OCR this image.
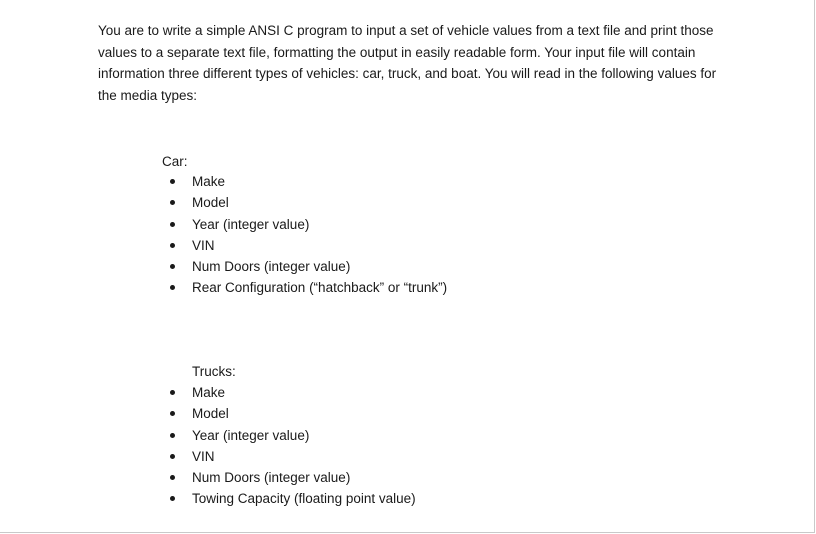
You are to write a simple ANSI C program to input a set of vehicle values from a text file and print those values to a separate text file, formatting the output in easily readable form. Your input file will contain information three different types of vehicles: car, truck, and boat. You will read in the following values for the media types:

Car:

Make
Model
Year (integer value)
VIN
Num Doors (integer value)
Rear Configuration (“hatchback” or “trunk”)

Trucks:

Make
Model
Year (integer value)
VIN
Num Doors (integer value)
Towing Capacity (floating point value)
